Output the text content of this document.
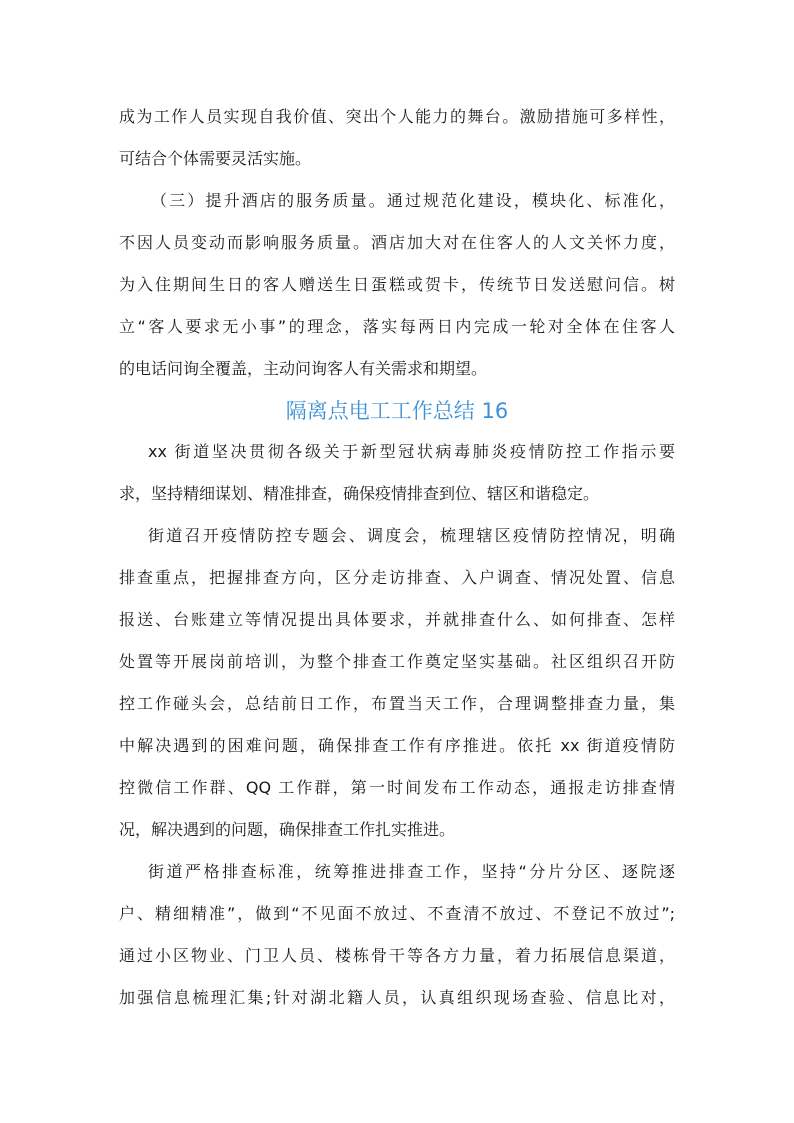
成为工作人员实现自我价值、突出个人能力的舞台。激励措施可多样性，

可结合个体需要灵活实施。

（三）提升酒店的服务质量。通过规范化建设，模块化、标准化，

不因人员变动而影响服务质量。酒店加大对在住客人的人文关怀力度，

为入住期间生日的客人赠送生日蛋糕或贺卡，传统节日发送慰问信。树

立“客人要求无小事”的理念，落实每两日内完成一轮对全体在住客人

的电话问询全覆盖，主动问询客人有关需求和期望。

隔离点电工工作总结 16

xx 街道坚决贯彻各级关于新型冠状病毒肺炎疫情防控工作指示要

求，坚持精细谋划、精准排查，确保疫情排查到位、辖区和谐稳定。

街道召开疫情防控专题会、调度会，梳理辖区疫情防控情况，明确

排查重点，把握排查方向，区分走访排查、入户调查、情况处置、信息

报送、台账建立等情况提出具体要求，并就排查什么、如何排查、怎样

处置等开展岗前培训，为整个排查工作奠定坚实基础。社区组织召开防

控工作碰头会，总结前日工作，布置当天工作，合理调整排查力量，集

中解决遇到的困难问题，确保排查工作有序推进。依托 xx 街道疫情防

控微信工作群、QQ 工作群，第一时间发布工作动态，通报走访排查情

况，解决遇到的问题，确保排查工作扎实推进。

街道严格排查标准，统筹推进排查工作，坚持“分片分区、逐院逐

户、精细精准”，做到“不见面不放过、不查清不放过、不登记不放过”;

通过小区物业、门卫人员、楼栋骨干等各方力量，着力拓展信息渠道，

加强信息梳理汇集;针对湖北籍人员，认真组织现场查验、信息比对，
